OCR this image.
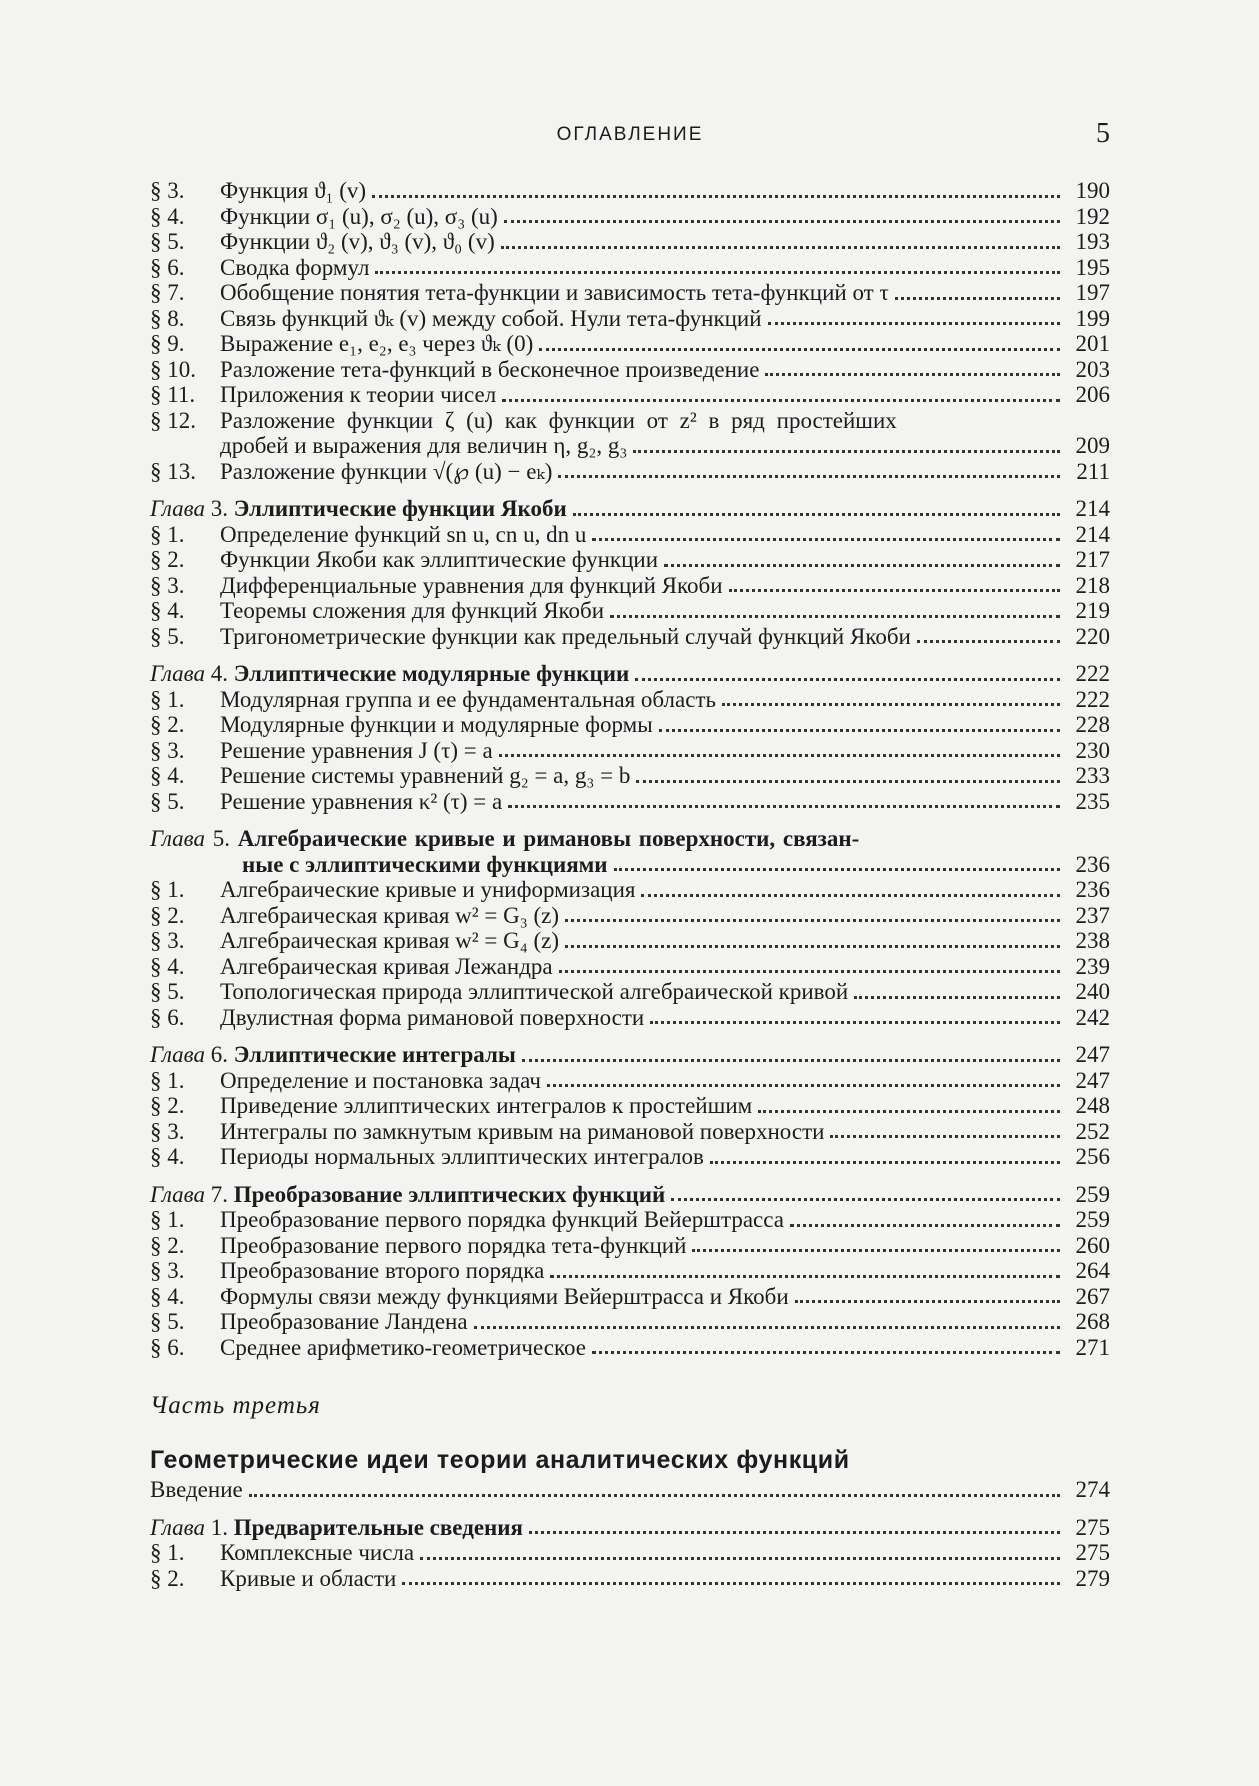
ОГЛАВЛЕНИЕ	5
§ 3.	Функция ϑ₁ (v)	190
§ 4.	Функции σ₁ (u), σ₂ (u), σ₃ (u)	192
§ 5.	Функции ϑ₂ (v), ϑ₃ (v), ϑ₀ (v)	193
§ 6.	Сводка формул	195
§ 7.	Обобщение понятия тета-функции и зависимость тета-функций от τ	197
§ 8.	Связь функций ϑₖ (v) между собой. Нули тета-функций	199
§ 9.	Выражение e₁, e₂, e₃ через ϑₖ (0)	201
§ 10.	Разложение тета-функций в бесконечное произведение	203
§ 11.	Приложения к теории чисел	206
§ 12.	Разложение функции ζ (u) как функции от z² в ряд простейших
дробей и выражения для величин η, g₂, g₃	209
§ 13.	Разложение функции √(℘ (u) − eₖ)	211
Глава 3. Эллиптические функции Якоби	214
§ 1.	Определение функций sn u, cn u, dn u	214
§ 2.	Функции Якоби как эллиптические функции	217
§ 3.	Дифференциальные уравнения для функций Якоби	218
§ 4.	Теоремы сложения для функций Якоби	219
§ 5.	Тригонометрические функции как предельный случай функций Якоби	220
Глава 4. Эллиптические модулярные функции	222
§ 1.	Модулярная группа и ее фундаментальная область	222
§ 2.	Модулярные функции и модулярные формы	228
§ 3.	Решение уравнения J (τ) = a	230
§ 4.	Решение системы уравнений g₂ = a, g₃ = b	233
§ 5.	Решение уравнения κ² (τ) = a	235
Глава 5. Алгебраические кривые и римановы поверхности, связан-
ные с эллиптическими функциями	236
§ 1.	Алгебраические кривые и униформизация	236
§ 2.	Алгебраическая кривая w² = G₃ (z)	237
§ 3.	Алгебраическая кривая w² = G₄ (z)	238
§ 4.	Алгебраическая кривая Лежандра	239
§ 5.	Топологическая природа эллиптической алгебраической кривой	240
§ 6.	Двулистная форма римановой поверхности	242
Глава 6. Эллиптические интегралы	247
§ 1.	Определение и постановка задач	247
§ 2.	Приведение эллиптических интегралов к простейшим	248
§ 3.	Интегралы по замкнутым кривым на римановой поверхности	252
§ 4.	Периоды нормальных эллиптических интегралов	256
Глава 7. Преобразование эллиптических функций	259
§ 1.	Преобразование первого порядка функций Вейерштрасса	259
§ 2.	Преобразование первого порядка тета-функций	260
§ 3.	Преобразование второго порядка	264
§ 4.	Формулы связи между функциями Вейерштрасса и Якоби	267
§ 5.	Преобразование Ландена	268
§ 6.	Среднее арифметико-геометрическое	271
Часть третья
Геометрические идеи теории аналитических функций
Введение	274
Глава 1. Предварительные сведения	275
§ 1.	Комплексные числа	275
§ 2.	Кривые и области	279
